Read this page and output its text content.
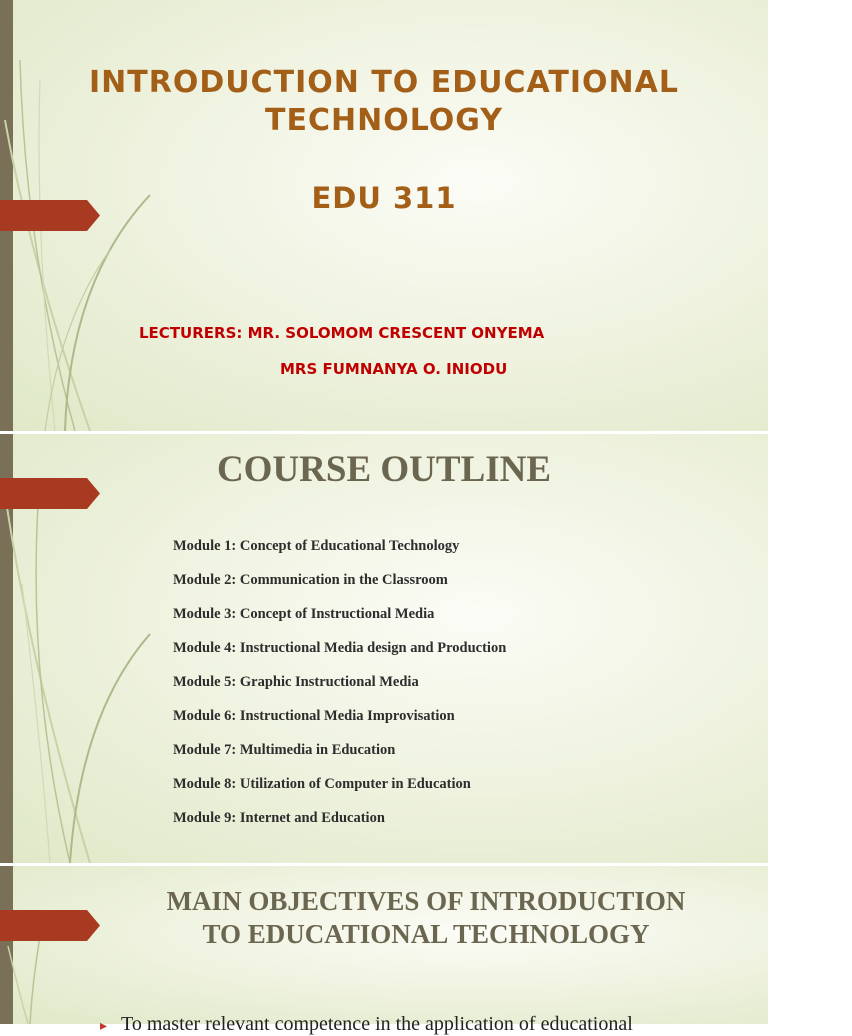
INTRODUCTION TO EDUCATIONAL
TECHNOLOGY
EDU 311
LECTURERS: MR. SOLOMOM CRESCENT ONYEMA
MRS FUMNANYA O. INIODU
COURSE OUTLINE
Module 1: Concept of Educational Technology
Module 2: Communication in the Classroom
Module 3: Concept of Instructional Media
Module 4: Instructional Media design and Production
Module 5: Graphic Instructional Media
Module 6: Instructional Media Improvisation
Module 7: Multimedia in Education
Module 8: Utilization of Computer in Education
Module 9: Internet and Education
MAIN OBJECTIVES OF INTRODUCTION
TO EDUCATIONAL TECHNOLOGY
▸ To master relevant competence in the application of educational
